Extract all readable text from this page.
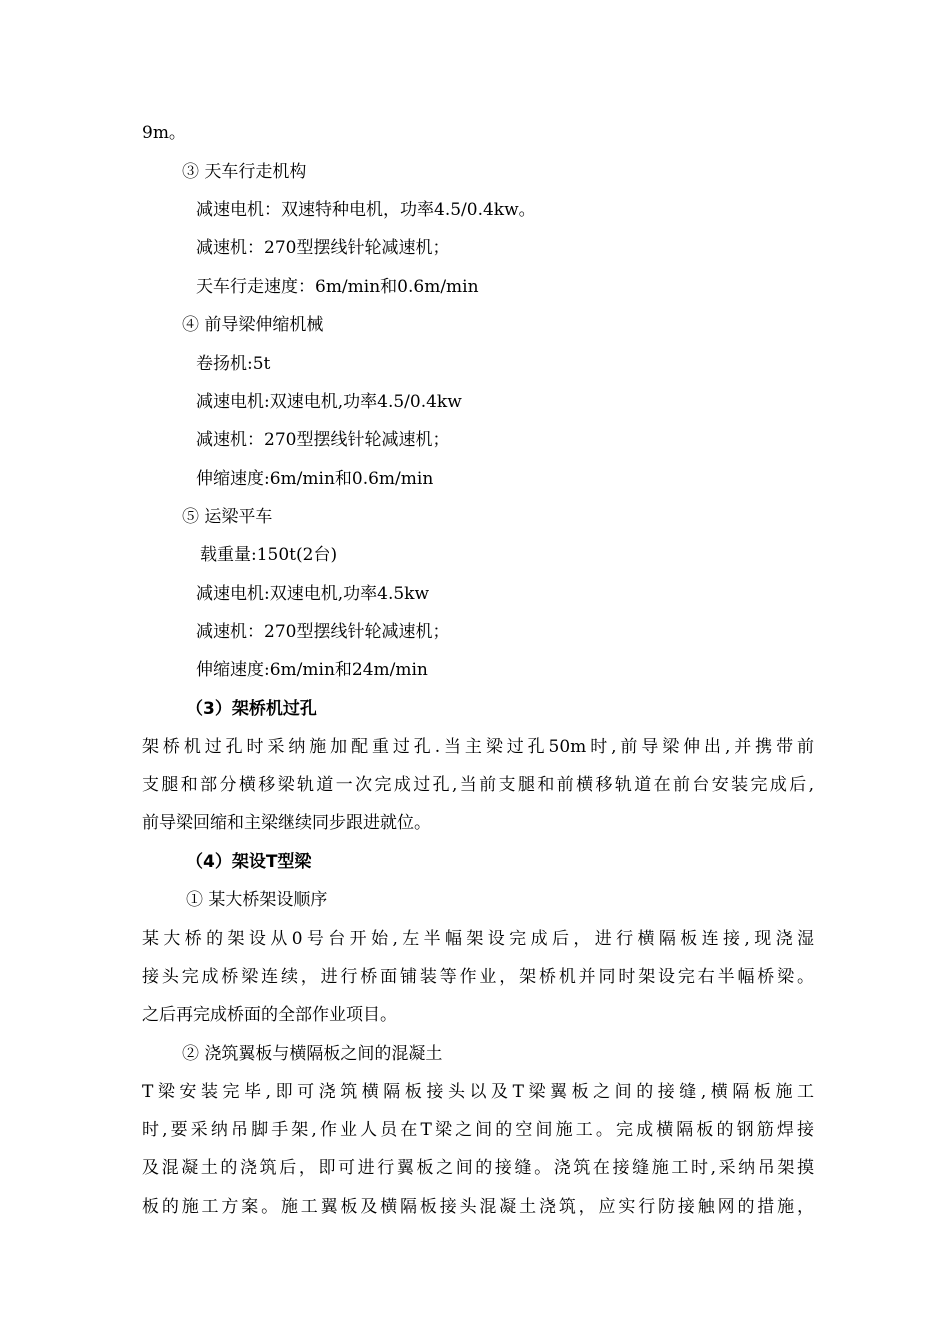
9m。
③ 天车行走机构
减速电机：双速特种电机，功率4.5/0.4kw。
减速机：270型摆线针轮减速机；
天车行走速度：6m/min和0.6m/min
④ 前导梁伸缩机械
卷扬机:5t
减速电机:双速电机,功率4.5/0.4kw
减速机：270型摆线针轮减速机；
伸缩速度:6m/min和0.6m/min
⑤ 运梁平车
载重量:150t(2台)
减速电机:双速电机,功率4.5kw
减速机：270型摆线针轮减速机；
伸缩速度:6m/min和24m/min
（3）架桥机过孔
架桥机过孔时采纳施加配重过孔.当主梁过孔50m时,前导梁伸出,并携带前
支腿和部分横移梁轨道一次完成过孔,当前支腿和前横移轨道在前台安装完成后,
前导梁回缩和主梁继续同步跟进就位。
（4）架设T型梁
① 某大桥架设顺序
某大桥的架设从0号台开始,左半幅架设完成后，进行横隔板连接,现浇湿
接头完成桥梁连续，进行桥面铺装等作业，架桥机并同时架设完右半幅桥梁。
之后再完成桥面的全部作业项目。
② 浇筑翼板与横隔板之间的混凝土
T梁安装完毕,即可浇筑横隔板接头以及T梁翼板之间的接缝,横隔板施工
时,要采纳吊脚手架,作业人员在T梁之间的空间施工。完成横隔板的钢筋焊接
及混凝土的浇筑后，即可进行翼板之间的接缝。浇筑在接缝施工时,采纳吊架摸
板的施工方案。施工翼板及横隔板接头混凝土浇筑，应实行防接触网的措施，
